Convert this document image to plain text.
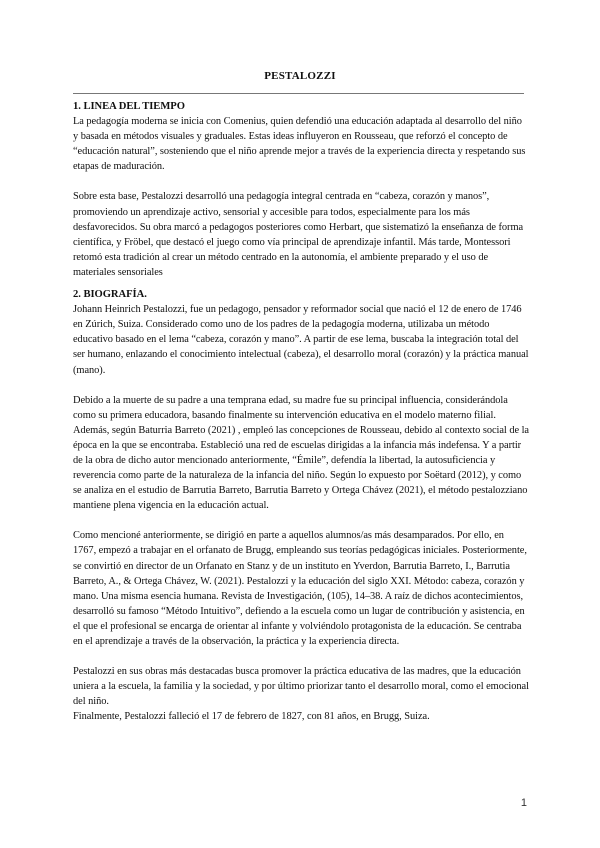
PESTALOZZI
1. LINEA DEL TIEMPO

La pedagogía moderna se inicia con Comenius, quien defendió una educación adaptada al desarrollo del niño y basada en métodos visuales y graduales. Estas ideas influyeron en Rousseau, que reforzó el concepto de “educación natural”, sosteniendo que el niño aprende mejor a través de la experiencia directa y respetando sus etapas de maduración.

Sobre esta base, Pestalozzi desarrolló una pedagogía integral centrada en “cabeza, corazón y manos”, promoviendo un aprendizaje activo, sensorial y accesible para todos, especialmente para los más desfavorecidos. Su obra marcó a pedagogos posteriores como Herbart, que sistematizó la enseñanza de forma científica, y Fröbel, que destacó el juego como vía principal de aprendizaje infantil. Más tarde, Montessori retomó esta tradición al crear un método centrado en la autonomía, el ambiente preparado y el uso de materiales sensoriales

2. BIOGRAFÍA.

Johann Heinrich Pestalozzi, fue un pedagogo, pensador y reformador social que nació el 12 de enero de 1746 en Zúrich, Suiza. Considerado como uno de los padres de la pedagogía moderna, utilizaba un método educativo basado en el lema “cabeza, corazón y mano”. A partir de ese lema, buscaba la integración total del ser humano, enlazando el conocimiento intelectual (cabeza), el desarrollo moral (corazón) y la práctica manual (mano).

Debido a la muerte de su padre a una temprana edad, su madre fue su principal influencia, considerándola como su primera educadora, basando finalmente su intervención educativa en el modelo materno filial. Además, según Baturria Barreto (2021) , empleó las concepciones de Rousseau, debido al contexto social de la época en la que se encontraba. Estableció una red de escuelas dirigidas a la infancia más indefensa. Y a partir de la obra de dicho autor mencionado anteriormente, “Émile”, defendía la libertad, la autosuficiencia y reverencia como parte de la naturaleza de la infancia del niño. Según lo expuesto por Soëtard (2012), y como se analiza en el estudio de Barrutia Barreto, Barrutia Barreto y Ortega Chávez (2021), el método pestalozziano mantiene plena vigencia en la educación actual.

Como mencioné anteriormente, se dirigió en parte a aquellos alumnos/as más desamparados. Por ello, en 1767, empezó a trabajar en el orfanato de Brugg, empleando sus teorías pedagógicas iniciales. Posteriormente, se convirtió en director de un Orfanato en Stanz y de un instituto en Yverdon, Barrutia Barreto, I., Barrutia Barreto, A., & Ortega Chávez, W. (2021). Pestalozzi y la educación del siglo XXI. Método: cabeza, corazón y mano. Una misma esencia humana. Revista de Investigación, (105), 14–38. A raíz de dichos acontecimientos, desarrolló su famoso “Método Intuitivo”, defiendo a la escuela como un lugar de contribución y asistencia, en el que el profesional se encarga de orientar al infante y volviéndolo protagonista de la educación. Se centraba en el aprendizaje a través de la observación, la práctica y la experiencia directa.

Pestalozzi en sus obras más destacadas busca promover la práctica educativa de las madres, que la educación uniera a la escuela, la familia y la sociedad, y por último priorizar tanto el desarrollo moral, como el emocional del niño.

Finalmente, Pestalozzi falleció el 17 de febrero de 1827, con 81 años, en Brugg, Suiza.

1
